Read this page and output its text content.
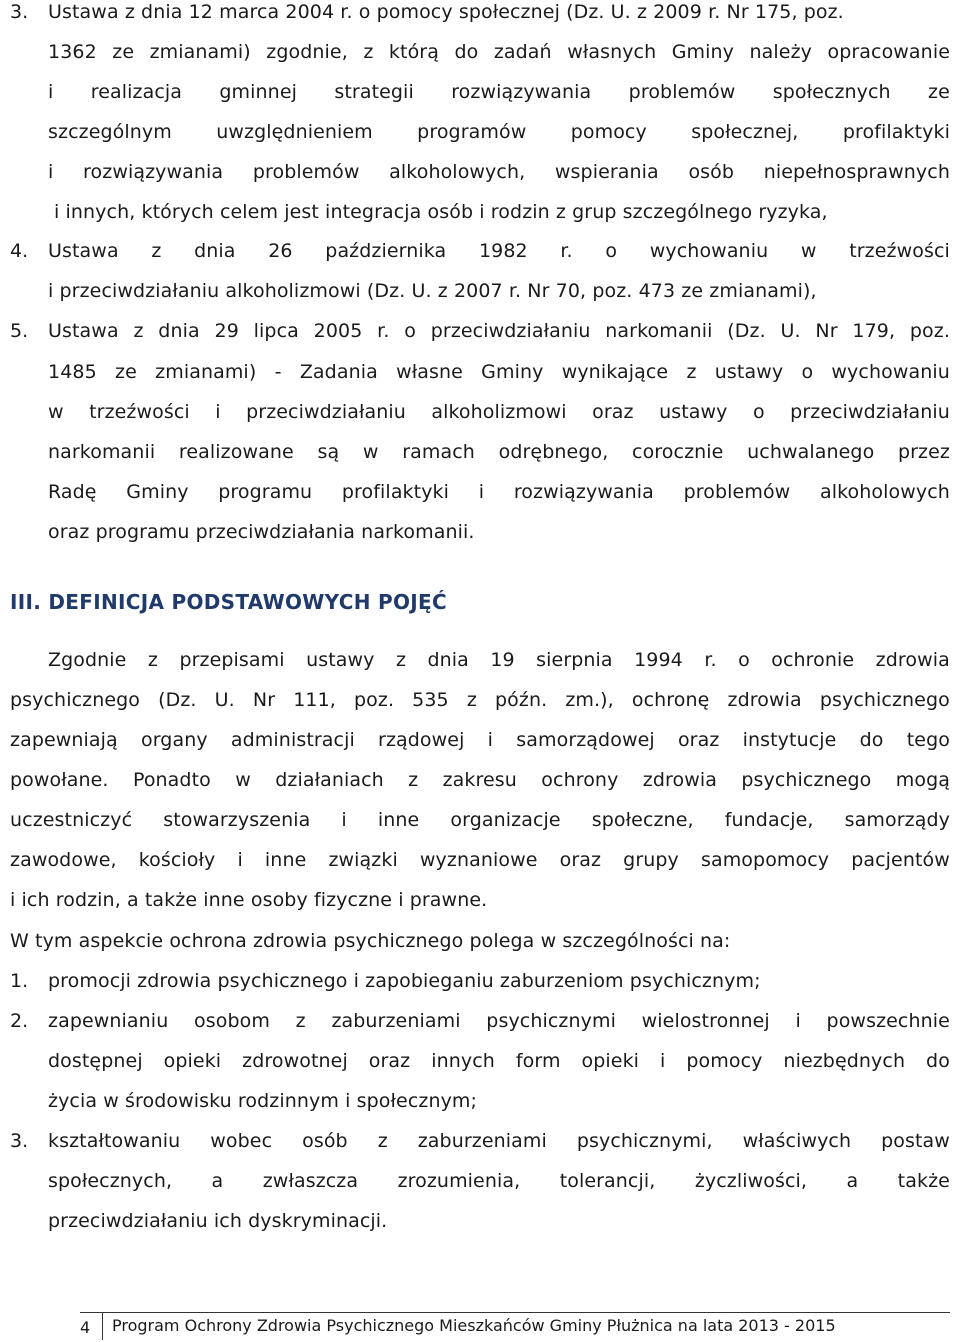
3. Ustawa z dnia 12 marca 2004 r. o pomocy społecznej (Dz. U. z 2009 r. Nr 175, poz.
1362 ze zmianami) zgodnie, z którą do zadań własnych Gminy należy opracowanie
i realizacja gminnej strategii rozwiązywania problemów społecznych ze
szczególnym uwzględnieniem programów pomocy społecznej, profilaktyki
i rozwiązywania problemów alkoholowych, wspierania osób niepełnosprawnych
i innych, których celem jest integracja osób i rodzin z grup szczególnego ryzyka,
4. Ustawa z dnia 26 października 1982 r. o wychowaniu w trzeźwości
i przeciwdziałaniu alkoholizmowi (Dz. U. z 2007 r. Nr 70, poz. 473 ze zmianami),
5. Ustawa z dnia 29 lipca 2005 r. o przeciwdziałaniu narkomanii (Dz. U. Nr 179, poz.
1485 ze zmianami) - Zadania własne Gminy wynikające z ustawy o wychowaniu
w trzeźwości i przeciwdziałaniu alkoholizmowi oraz ustawy o przeciwdziałaniu
narkomanii realizowane są w ramach odrębnego, corocznie uchwalanego przez
Radę Gminy programu profilaktyki i rozwiązywania problemów alkoholowych
oraz programu przeciwdziałania narkomanii.
III. DEFINICJA PODSTAWOWYCH POJĘĆ
Zgodnie z przepisami ustawy z dnia 19 sierpnia 1994 r. o ochronie zdrowia
psychicznego (Dz. U. Nr 111, poz. 535 z późn. zm.), ochronę zdrowia psychicznego
zapewniają organy administracji rządowej i samorządowej oraz instytucje do tego
powołane. Ponadto w działaniach z zakresu ochrony zdrowia psychicznego mogą
uczestniczyć stowarzyszenia i inne organizacje społeczne, fundacje, samorządy
zawodowe, kościoły i inne związki wyznaniowe oraz grupy samopomocy pacjentów
i ich rodzin, a także inne osoby fizyczne i prawne.
W tym aspekcie ochrona zdrowia psychicznego polega w szczególności na:
1. promocji zdrowia psychicznego i zapobieganiu zaburzeniom psychicznym;
2. zapewnianiu osobom z zaburzeniami psychicznymi wielostronnej i powszechnie
dostępnej opieki zdrowotnej oraz innych form opieki i pomocy niezbędnych do
życia w środowisku rodzinnym i społecznym;
3. kształtowaniu wobec osób z zaburzeniami psychicznymi, właściwych postaw
społecznych, a zwłaszcza zrozumienia, tolerancji, życzliwości, a także
przeciwdziałaniu ich dyskryminacji.
4 Program Ochrony Zdrowia Psychicznego Mieszkańców Gminy Płużnica na lata 2013 - 2015
